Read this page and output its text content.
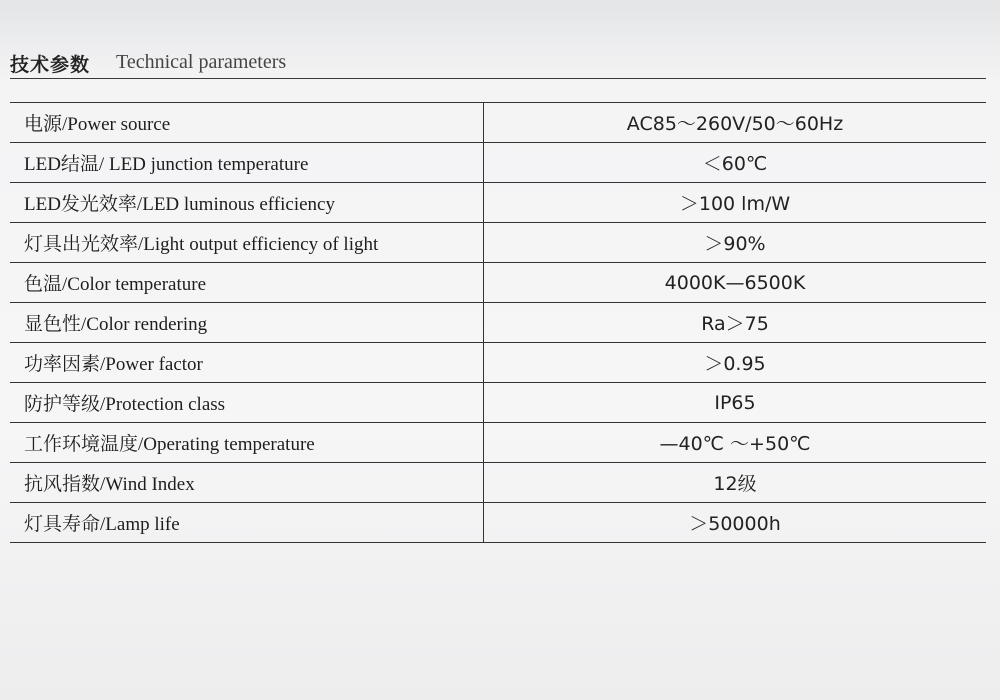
技术参数 Technical parameters
电源/Power source	AC85～260V/50～60Hz
LED结温/ LED junction temperature	＜60℃
LED发光效率/LED luminous efficiency	＞100 lm/W
灯具出光效率/Light output efficiency of light	＞90%
色温/Color temperature	4000K—6500K
显色性/Color rendering	Ra＞75
功率因素/Power factor	＞0.95
防护等级/Protection class	IP65
工作环境温度/Operating temperature	—40℃ ～+50℃
抗风指数/Wind Index	12级
灯具寿命/Lamp life	＞50000h
